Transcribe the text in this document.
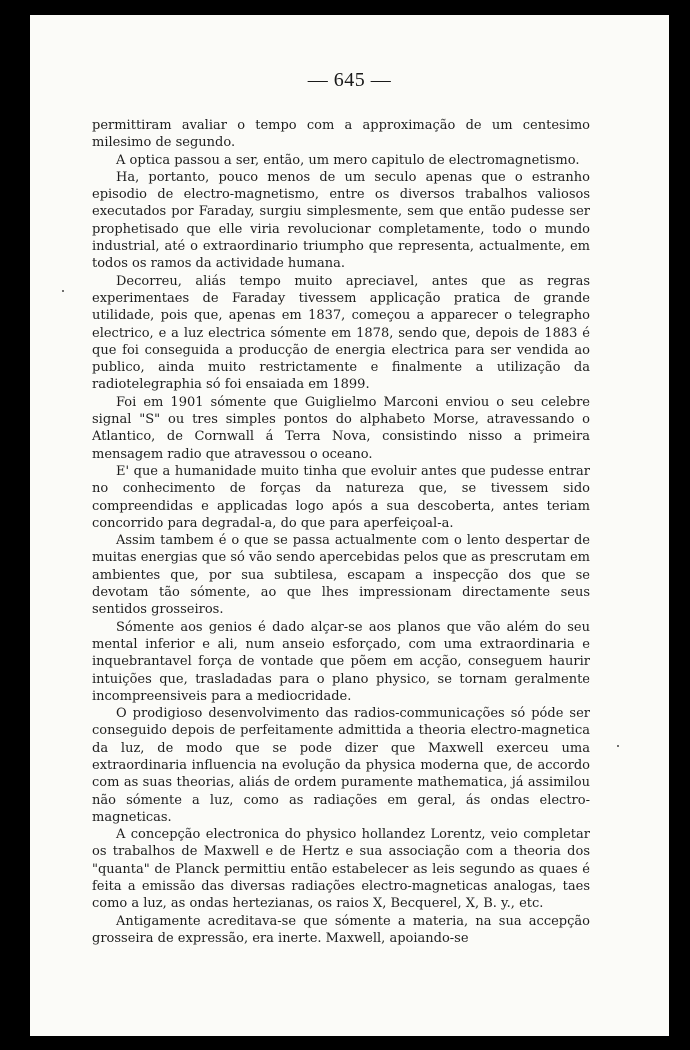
— 645 —

permittiram avaliar o tempo com a approximação de um centesimo milesimo de segundo.

A optica passou a ser, então, um mero capitulo de electromagnetismo.

Ha, portanto, pouco menos de um seculo apenas que o estranho episodio de electro-magnetismo, entre os diversos trabalhos valiosos executados por Faraday, surgiu simplesmente, sem que então pudesse ser prophetisado que elle viria revolucionar completamente, todo o mundo industrial, até o extraordinario triumpho que representa, actualmente, em todos os ramos da actividade humana.

Decorreu, aliás tempo muito apreciavel, antes que as regras experimentaes de Faraday tivessem applicação pratica de grande utilidade, pois que, apenas em 1837, começou a apparecer o telegrapho electrico, e a luz electrica sómente em 1878, sendo que, depois de 1883 é que foi conseguida a producção de energia electrica para ser vendida ao publico, ainda muito restrictamente e finalmente a utilização da radiotelegraphia só foi ensaiada em 1899.

Foi em 1901 sómente que Guiglielmo Marconi enviou o seu celebre signal "S" ou tres simples pontos do alphabeto Morse, atravessando o Atlantico, de Cornwall á Terra Nova, consistindo nisso a primeira mensagem radio que atravessou o oceano.

E' que a humanidade muito tinha que evoluir antes que pudesse entrar no conhecimento de forças da natureza que, se tivessem sido compreendidas e applicadas logo após a sua descoberta, antes teriam concorrido para degradal-a, do que para aperfeiçoal-a.

Assim tambem é o que se passa actualmente com o lento despertar de muitas energias que só vão sendo apercebidas pelos que as prescrutam em ambientes que, por sua subtilesa, escapam a inspecção dos que se devotam tão sómente, ao que lhes impressionam directamente seus sentidos grosseiros.

Sómente aos genios é dado alçar-se aos planos que vão além do seu mental inferior e ali, num anseio esforçado, com uma extraordinaria e inquebrantavel força de vontade que põem em acção, conseguem haurir intuições que, trasladadas para o plano physico, se tornam geralmente incompreensiveis para a mediocridade.

O prodigioso desenvolvimento das radios-communicações só póde ser conseguido depois de perfeitamente admittida a theoria electro-magnetica da luz, de modo que se pode dizer que Maxwell exerceu uma extraordinaria influencia na evolução da physica moderna que, de accordo com as suas theorias, aliás de ordem puramente mathematica, já assimilou não sómente a luz, como as radiações em geral, ás ondas electro-magneticas.

A concepção electronica do physico hollandez Lorentz, veio completar os trabalhos de Maxwell e de Hertz e sua associação com a theoria dos "quanta" de Planck permittiu então estabelecer as leis segundo as quaes é feita a emissão das diversas radiações electro-magneticas analogas, taes como a luz, as ondas hertezianas, os raios X, Becquerel, X, B. y., etc.

Antigamente acreditava-se que sómente a materia, na sua accepção grosseira de expressão, era inerte. Maxwell, apoiando-se
